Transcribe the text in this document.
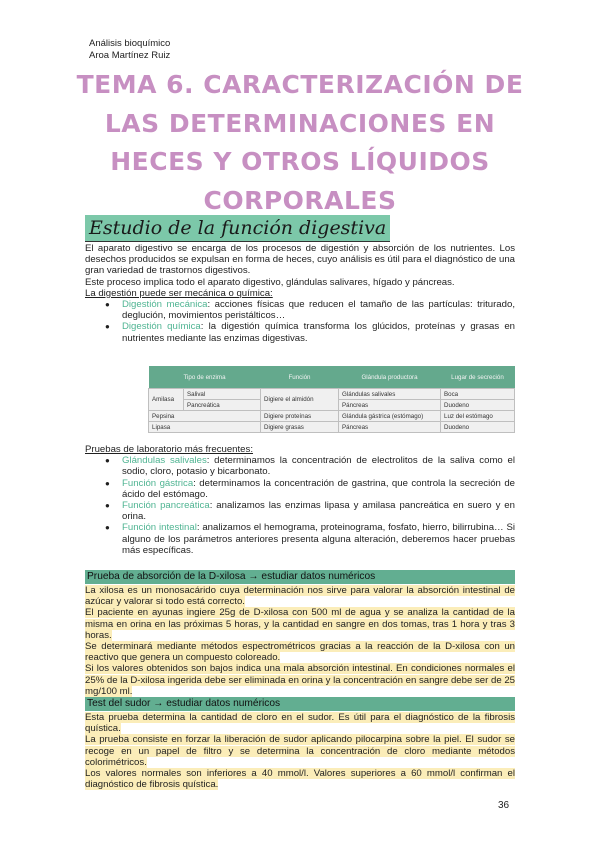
Análisis bioquímico
Aroa Martínez Ruiz
TEMA 6. CARACTERIZACIÓN DE LAS DETERMINACIONES EN HECES Y OTROS LÍQUIDOS CORPORALES
Estudio de la función digestiva
El aparato digestivo se encarga de los procesos de digestión y absorción de los nutrientes. Los desechos producidos se expulsan en forma de heces, cuyo análisis es útil para el diagnóstico de una gran variedad de trastornos digestivos.
Este proceso implica todo el aparato digestivo, glándulas salivares, hígado y páncreas.
La digestión puede ser mecánica o química:
● Digestión mecánica: acciones físicas que reducen el tamaño de las partículas: triturado, deglución, movimientos peristálticos…
● Digestión química: la digestión química transforma los glúcidos, proteínas y grasas en nutrientes mediante las enzimas digestivas.
Tipo de enzima		Función	Glándula productora	Lugar de secreción
Amilasa	Salival	Digiere el almidón	Glándulas salivales	Boca
	Pancreática		Páncreas	Duodeno
Pepsina		Digiere proteínas	Glándula gástrica (estómago)	Luz del estómago
Lipasa		Digiere grasas	Páncreas	Duodeno
Pruebas de laboratorio más frecuentes:
● Glándulas salivales: determinamos la concentración de electrolitos de la saliva como el sodio, cloro, potasio y bicarbonato.
● Función gástrica: determinamos la concentración de gastrina, que controla la secreción de ácido del estómago.
● Función pancreática: analizamos las enzimas lipasa y amilasa pancreática en suero y en orina.
● Función intestinal: analizamos el hemograma, proteinograma, fosfato, hierro, bilirrubina… Si alguno de los parámetros anteriores presenta alguna alteración, deberemos hacer pruebas más específicas.
Prueba de absorción de la D-xilosa → estudiar datos numéricos
La xilosa es un monosacárido cuya determinación nos sirve para valorar la absorción intestinal de azúcar y valorar si todo está correcto.
El paciente en ayunas ingiere 25g de D-xilosa con 500 ml de agua y se analiza la cantidad de la misma en orina en las próximas 5 horas, y la cantidad en sangre en dos tomas, tras 1 hora y tras 3 horas.
Se determinará mediante métodos espectrométricos gracias a la reacción de la D-xilosa con un reactivo que genera un compuesto coloreado.
Si los valores obtenidos son bajos indica una mala absorción intestinal. En condiciones normales el 25% de la D-xilosa ingerida debe ser eliminada en orina y la concentración en sangre debe ser de 25 mg/100 ml.
Test del sudor → estudiar datos numéricos
Esta prueba determina la cantidad de cloro en el sudor. Es útil para el diagnóstico de la fibrosis quística.
La prueba consiste en forzar la liberación de sudor aplicando pilocarpina sobre la piel. El sudor se recoge en un papel de filtro y se determina la concentración de cloro mediante métodos colorimétricos.
Los valores normales son inferiores a 40 mmol/l. Valores superiores a 60 mmol/l confirman el diagnóstico de fibrosis quística.
36
